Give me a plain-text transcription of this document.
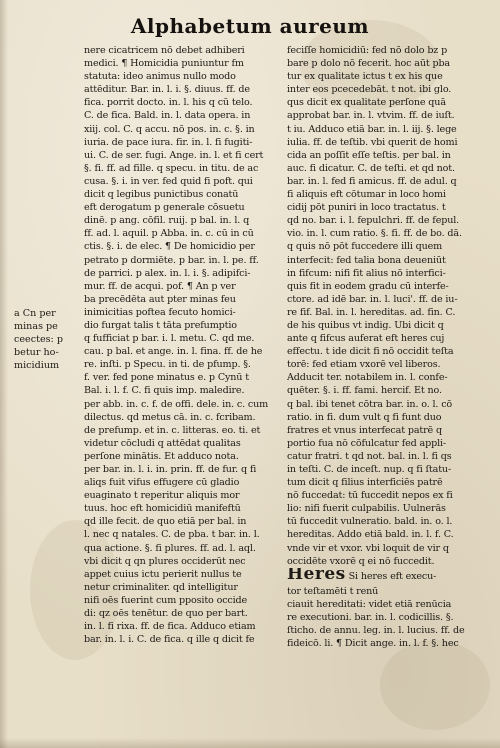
Alphabetum aureum
a Cn per
minas pe
ceectes: p
betur ho-
micidium
nere cicatricem nō debet adhiberi
medici. ¶ Homicidia puniuntur fm
statuta: ideo animus nullo modo
attēditur. Bar. in. l. i. §. diuus. ff. de
fica. porrit docto. in. l. his q cū telo.
C. de fica. Bald. in. l. data opera. in
xiij. col. C. q accu. nō pos. in. c. §. in
iuria. de pace iura. fir. in. l. fi fugiti-
ui. C. de ser. fugi. Ange. in. l. et fi cert
§. fi. ff. ad fille. q specu. in titu. de ac
cusa. §. i. in ver. fed quid fi poft. qui
dicit q legibus punictibus conatū
eft derogatum p generale cōsuetu
dinē. p ang. cōfil. ruij. p bal. in. l. q
ff. ad. l. aquil. p Abba. in. c. cū in cū
ctis. §. i. de elec. ¶ De homicidio per
petrato p dormiēte. p bar. in. l. pe. ff.
de parrici. p alex. in. l. i. §. adipifci-
mur. ff. de acqui. pof. ¶ An p ver
ba precēdēta aut pter minas feu
inimicitias poftea fecuto homici-
dio furgat talis t tāta prefumptio
q fufficiat p bar. i. l. metu. C. qd me.
cau. p bal. et ange. in. l. fina. ff. de he
re. inſti. p Specu. in ti. de pfump. §.
f. ver. fed pone minatus e. p Cynū t
Bal. i. l. f. C. fi quis imp. maledire.
per abb. in. c. f. de offi. dele. in. c. cum
dilectus. qd metus cā. in. c. fcribam.
de prefump. et in. c. litteras. eo. ti. et
videtur cōcludi q attēdat qualitas
perſone minātis. Et adduco nota.
per bar. in. l. i. in. prin. ff. de fur. q fi
aliqs fuit vifus effugere cū gladio
euaginato t reperitur aliquis mor
tuus. hoc eft homicidiū manifeftū
qd ille fecit. de quo etiā per bal. in
l. nec q natales. C. de pba. t bar. in. l.
qua actione. §. fi plures. ff. ad. l. aql.
vbi dicit q qn plures occiderūt nec
appet cuius ictu perierit nullus te
netur criminaliter. qd intelligitur
nifi oēs fuerint cum pposito occide
di: qz oēs tenētur. de quo per bart.
in. l. fi rixa. ff. de fica. Adduco etiam
bar. in. l. i. C. de fica. q ille q dicit fe
feciſſe homicidiū: fed nō dolo bz p
bare p dolo nō fecerit. hoc aūt pba
tur ex qualitate ictus t ex his que
inter eos pcecedebāt. t not. ibi glo.
qus dicit ex qualitate perſone quā
approbat bar. in. l. vtvim. ff. de iuſt.
t iu. Adduco etiā bar. in. l. iij. §. lege
iulia. ff. de teſtib. vbi querit de homi
cida an poſſit eſſe teſtis. per bal. in
auc. fi dicatur. C. de teſti. et qd not.
bar. in. l. fed fi amicus. ff. de adul. q
fi aliquis eft cōtumar in loco homi
cidij pōt puniri in loco tractatus. t
qd no. bar. i. l. fepulchri. ff. de fepul.
vio. in. l. cum ratio. §. fi. ff. de bo. dā.
q quis nō pōt fuccedere illi quem
interfecit: fed talia bona deueniūt
in fifcum: nifi fit alius nō interfici-
quis fit in eodem gradu cū interfe-
ctore. ad idē bar. in. l. luci'. ff. de iu-
re fif. Bal. in. l. hereditas. ad. fin. C.
de his quibus vt indig. Ubi dicit q
ante q fifcus auferat eft heres cuj
effectu. t ide dicit fi nō occidit teſta
torē: fed etiam vxorē vel liberos.
Adducit ter. notabilem in. l. confe-
quēter. §. i. ff. fami. hercif. Et no.
q bal. ibi tenet cōtra bar. in. o. l. cō
ratio. in fi. dum vult q fi funt duo
fratres et vnus interfecat patrē q
portio fua nō cōfulcatur fed appli-
catur fratri. t qd not. bal. in. l. fi qs
in teſti. C. de inceſt. nup. q fi ſtatu-
tum dicit q filius interficiēs patrē
nō fuccedat: tū fuccedit nepos ex fi
lio: nifi fuerit culpabilis. Uulnerās
tū fuccedit vulneratio. bald. in. o. l.
hereditas. Addo etiā bald. in. l. f. C.
vnde vir et vxor. vbi loquit de vir q
occidēte vxorē q ei nō fuccedit.
Heres Si heres eft execu-
tor teſtamēti t renū
ciauit hereditati: videt etiā renūcia
re executioni. bar. in. l. codicillis. §.
ſticho. de annu. leg. in. l. lucius. ff. de
fideicō. li. ¶ Dicit ange. in. l. f. §. hec
